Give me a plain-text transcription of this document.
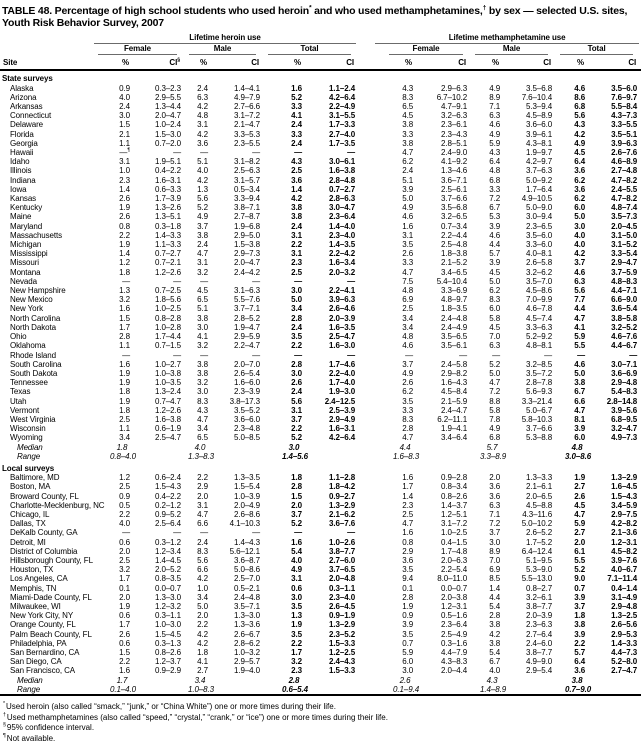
TABLE 48. Percentage of high school students who used heroin* and who used methamphetamines,† by sex — selected U.S. sites,
Youth Risk Behavior Survey, 2007
Site	Lifetime heroin use						Lifetime methamphetamine use					

	Female		Male		Total		Female		Male		Total	

	%	CI§	%	CI	%	CI	%	CI	%	CI	%	CI
State surveys												
Alaska	0.9	0.3–2.3	2.4	1.4–4.1	1.6	1.1–2.4	4.3	2.9–6.3	4.9	3.5–6.8	4.6	3.5–6.0
Arizona	4.0	2.9–5.5	6.3	4.9–7.9	5.2	4.2–6.4	8.3	6.7–10.2	8.9	7.6–10.4	8.6	7.6–9.7
Arkansas	2.4	1.3–4.4	4.2	2.7–6.6	3.3	2.2–4.9	6.5	4.7–9.1	7.1	5.3–9.4	6.8	5.5–8.4
Connecticut	3.0	2.0–4.7	4.8	3.1–7.2	4.1	3.1–5.5	4.5	3.2–6.3	6.3	4.5–8.9	5.6	4.3–7.3
Delaware	1.5	1.0–2.4	3.1	2.1–4.7	2.4	1.7–3.3	3.8	2.3–6.1	4.6	3.6–6.0	4.3	3.3–5.5
Florida	2.1	1.5–3.0	4.2	3.3–5.3	3.3	2.7–4.0	3.3	2.3–4.3	4.9	3.9–6.1	4.2	3.5–5.1
Georgia	1.1	0.7–2.0	3.6	2.3–5.5	2.4	1.7–3.5	3.8	2.8–5.1	5.9	4.3–8.1	4.9	3.9–6.3
Hawaii	—¶	—	—	—	—	—	4.7	2.4–9.0	4.3	1.9–9.7	4.5	2.6–7.6
Idaho	3.1	1.9–5.1	5.1	3.1–8.2	4.3	3.0–6.1	6.2	4.1–9.2	6.4	4.2–9.7	6.4	4.6–8.9
Illinois	1.0	0.4–2.2	4.0	2.5–6.3	2.5	1.6–3.8	2.4	1.3–4.6	4.8	3.7–6.3	3.6	2.7–4.8
Indiana	2.3	1.6–3.1	4.2	3.1–5.7	3.6	2.8–4.8	5.1	3.6–7.1	6.8	5.0–9.2	6.2	4.7–8.2
Iowa	1.4	0.6–3.3	1.3	0.5–3.4	1.4	0.7–2.7	3.9	2.5–6.1	3.3	1.7–6.4	3.6	2.4–5.5
Kansas	2.6	1.7–3.9	5.6	3.3–9.4	4.2	2.8–6.3	5.0	3.7–6.6	7.2	4.9–10.5	6.2	4.7–8.2
Kentucky	1.9	1.3–2.6	5.2	3.8–7.1	3.8	3.0–4.7	4.9	3.5–6.8	6.7	5.0–9.0	6.0	4.8–7.4
Maine	2.6	1.3–5.1	4.9	2.7–8.7	3.8	2.3–6.4	4.6	3.2–6.5	5.3	3.0–9.4	5.0	3.5–7.3
Maryland	0.8	0.3–1.8	3.7	1.9–6.8	2.4	1.4–4.0	1.6	0.7–3.4	3.9	2.3–6.5	3.0	2.0–4.5
Massachusetts	2.2	1.4–3.3	3.8	2.9–5.0	3.1	2.3–4.0	3.1	2.2–4.4	4.6	3.5–6.0	4.0	3.1–5.0
Michigan	1.9	1.1–3.3	2.4	1.5–3.8	2.2	1.4–3.5	3.5	2.5–4.8	4.4	3.3–6.0	4.0	3.1–5.2
Mississippi	1.4	0.7–2.7	4.7	2.9–7.3	3.1	2.2–4.2	2.6	1.8–3.8	5.7	4.0–8.1	4.2	3.3–5.4
Missouri	1.2	0.7–2.1	3.1	2.0–4.7	2.3	1.6–3.4	3.3	2.1–5.2	3.9	2.6–5.8	3.7	2.9–4.7
Montana	1.8	1.2–2.6	3.2	2.4–4.2	2.5	2.0–3.2	4.7	3.4–6.5	4.5	3.2–6.2	4.6	3.7–5.9
Nevada	—	—	—	—	—	—	7.5	5.4–10.4	5.0	3.5–7.0	6.3	4.8–8.3
New Hampshire	1.3	0.7–2.5	4.5	3.1–6.3	3.0	2.2–4.1	4.8	3.3–6.9	6.2	4.5–8.6	5.6	4.4–7.1
New Mexico	3.2	1.8–5.6	6.5	5.5–7.6	5.0	3.9–6.3	6.9	4.8–9.7	8.3	7.0–9.9	7.7	6.6–9.0
New York	1.6	1.0–2.5	5.1	3.7–7.1	3.4	2.6–4.6	2.5	1.8–3.5	6.0	4.6–7.8	4.4	3.6–5.4
North Carolina	1.5	0.8–2.8	3.8	2.8–5.2	2.8	2.0–3.9	3.4	2.4–4.8	5.8	4.5–7.4	4.7	3.8–5.8
North Dakota	1.7	1.0–2.8	3.0	1.9–4.7	2.4	1.6–3.5	3.4	2.4–4.9	4.5	3.3–6.3	4.1	3.2–5.2
Ohio	2.8	1.7–4.4	4.1	2.9–5.9	3.5	2.5–4.7	4.8	3.5–6.5	7.0	5.2–9.2	5.9	4.6–7.6
Oklahoma	1.1	0.7–1.5	3.2	2.2–4.7	2.2	1.6–3.0	4.6	3.5–6.1	6.3	4.8–8.1	5.5	4.4–6.7
Rhode Island	—	—	—	—	—	—	—	—	—	—	—	—
South Carolina	1.6	1.0–2.7	3.8	2.0–7.0	2.8	1.7–4.6	3.7	2.4–5.8	5.2	3.2–8.5	4.6	3.0–7.1
South Dakota	1.9	1.0–3.8	3.8	2.6–5.4	3.0	2.2–4.0	4.9	2.9–8.2	5.0	3.5–7.2	5.0	3.6–6.9
Tennessee	1.9	1.0–3.5	3.2	1.6–6.0	2.6	1.7–4.0	2.6	1.6–4.3	4.7	2.8–7.8	3.8	2.9–4.8
Texas	1.8	1.3–2.4	3.0	2.3–3.9	2.4	1.9–3.0	6.2	4.5–8.4	7.2	5.6–9.3	6.7	5.4–8.3
Utah	1.9	0.7–4.7	8.3	3.8–17.3	5.6	2.4–12.5	3.5	2.1–5.9	8.8	3.3–21.4	6.6	2.8–14.8
Vermont	1.8	1.2–2.6	4.3	3.5–5.2	3.1	2.5–3.9	3.3	2.4–4.7	5.8	5.0–6.7	4.7	3.9–5.6
West Virginia	2.5	1.6–3.8	4.7	3.6–6.0	3.7	2.9–4.9	8.3	6.2–11.1	7.8	5.8–10.3	8.1	6.8–9.5
Wisconsin	1.1	0.6–1.9	3.4	2.3–4.8	2.2	1.6–3.1	2.8	1.9–4.1	4.9	3.7–6.6	3.9	3.2–4.7
Wyoming	3.4	2.5–4.7	6.5	5.0–8.5	5.2	4.2–6.4	4.7	3.4–6.4	6.8	5.3–8.8	6.0	4.9–7.3
Median	1.8		4.0		3.0		4.4		5.7		4.8	
Range	0.8–4.0		1.3–8.3		1.4–5.6		1.6–8.3		3.3–8.9		3.0–8.6	
Local surveys												
Baltimore, MD	1.2	0.6–2.4	2.2	1.3–3.5	1.8	1.1–2.8	1.6	0.9–2.8	2.0	1.3–3.3	1.9	1.3–2.9
Boston, MA	2.5	1.5–4.3	2.9	1.5–5.4	2.8	1.8–4.2	1.7	0.8–3.4	3.6	2.1–6.1	2.7	1.6–4.5
Broward County, FL	0.9	0.4–2.2	2.0	1.0–3.9	1.5	0.9–2.7	1.4	0.8–2.6	3.6	2.0–6.5	2.6	1.5–4.3
Charlotte-Mecklenburg, NC	0.5	0.2–1.2	3.1	2.0–4.9	2.0	1.3–2.9	2.3	1.4–3.7	6.3	4.5–8.8	4.5	3.4–5.9
Chicago, IL	2.2	0.9–5.2	4.7	2.6–8.6	3.7	2.1–6.2	2.5	1.2–5.1	7.1	4.3–11.6	4.7	2.9–7.5
Dallas, TX	4.0	2.5–6.4	6.6	4.1–10.3	5.2	3.6–7.6	4.7	3.1–7.2	7.2	5.0–10.2	5.9	4.2–8.2
DeKalb County, GA	—	—	—	—	—	—	1.6	1.0–2.5	3.7	2.6–5.2	2.7	2.1–3.6
Detroit, MI	0.6	0.3–1.2	2.4	1.4–4.3	1.6	1.0–2.6	0.8	0.4–1.5	3.0	1.7–5.2	2.0	1.2–3.1
District of Columbia	2.0	1.2–3.4	8.3	5.6–12.1	5.4	3.8–7.7	2.9	1.7–4.8	8.9	6.4–12.4	6.1	4.5–8.2
Hillsborough County, FL	2.5	1.4–4.5	5.6	3.6–8.7	4.0	2.7–6.0	3.6	2.0–6.3	7.0	5.1–9.5	5.5	3.9–7.6
Houston, TX	3.2	2.0–5.2	6.6	5.0–8.6	4.9	3.7–6.5	3.5	2.2–5.4	6.9	5.3–9.0	5.2	4.0–6.7
Los Angeles, CA	1.7	0.8–3.5	4.2	2.5–7.0	3.1	2.0–4.8	9.4	8.0–11.0	8.5	5.5–13.0	9.0	7.1–11.4
Memphis, TN	0.1	0.0–0.7	1.0	0.5–2.1	0.6	0.3–1.1	0.1	0.0–0.7	1.4	0.8–2.7	0.7	0.4–1.4
Miami-Dade County, FL	2.0	1.3–3.0	3.4	2.4–4.8	3.0	2.3–4.0	2.8	2.0–3.8	4.4	3.2–6.1	3.9	3.1–4.9
Milwaukee, WI	1.9	1.2–3.2	5.0	3.5–7.1	3.5	2.6–4.5	1.9	1.2–3.1	5.4	3.8–7.7	3.7	2.9–4.8
New York City, NY	0.6	0.3–1.1	2.0	1.3–3.0	1.3	0.9–1.9	0.9	0.5–1.6	2.8	2.0–3.9	1.8	1.3–2.5
Orange County, FL	1.7	1.0–3.0	2.2	1.3–3.6	1.9	1.3–2.9	3.9	2.3–6.4	3.8	2.3–6.3	3.8	2.6–5.6
Palm Beach County, FL	2.6	1.5–4.5	4.2	2.6–6.7	3.5	2.3–5.2	3.5	2.5–4.9	4.2	2.7–6.4	3.9	2.9–5.3
Philadelphia, PA	0.6	0.3–1.3	4.2	2.8–6.2	2.2	1.5–3.3	0.7	0.3–1.6	3.8	2.4–6.0	2.2	1.4–3.3
San Bernardino, CA	1.5	0.8–2.6	1.8	1.0–3.2	1.7	1.2–2.5	5.9	4.4–7.9	5.4	3.8–7.7	5.7	4.4–7.3
San Diego, CA	2.2	1.2–3.7	4.1	2.9–5.7	3.2	2.4–4.3	6.0	4.3–8.3	6.7	4.9–9.0	6.4	5.2–8.0
San Francisco, CA	1.6	0.9–2.9	2.7	1.9–4.0	2.3	1.5–3.3	3.0	2.0–4.4	4.0	2.9–5.4	3.6	2.7–4.7
Median	1.7		3.4		2.8		2.6		4.3		3.8	
Range	0.1–4.0		1.0–8.3		0.6–5.4		0.1–9.4		1.4–8.9		0.7–9.0	
*Used heroin (also called “smack,” “junk,” or “China White”) one or more times during their life.
†Used methamphetamines (also called “speed,” “crystal,” “crank,” or “ice”) one or more times during their life.
§95% confidence interval.
¶Not available.
